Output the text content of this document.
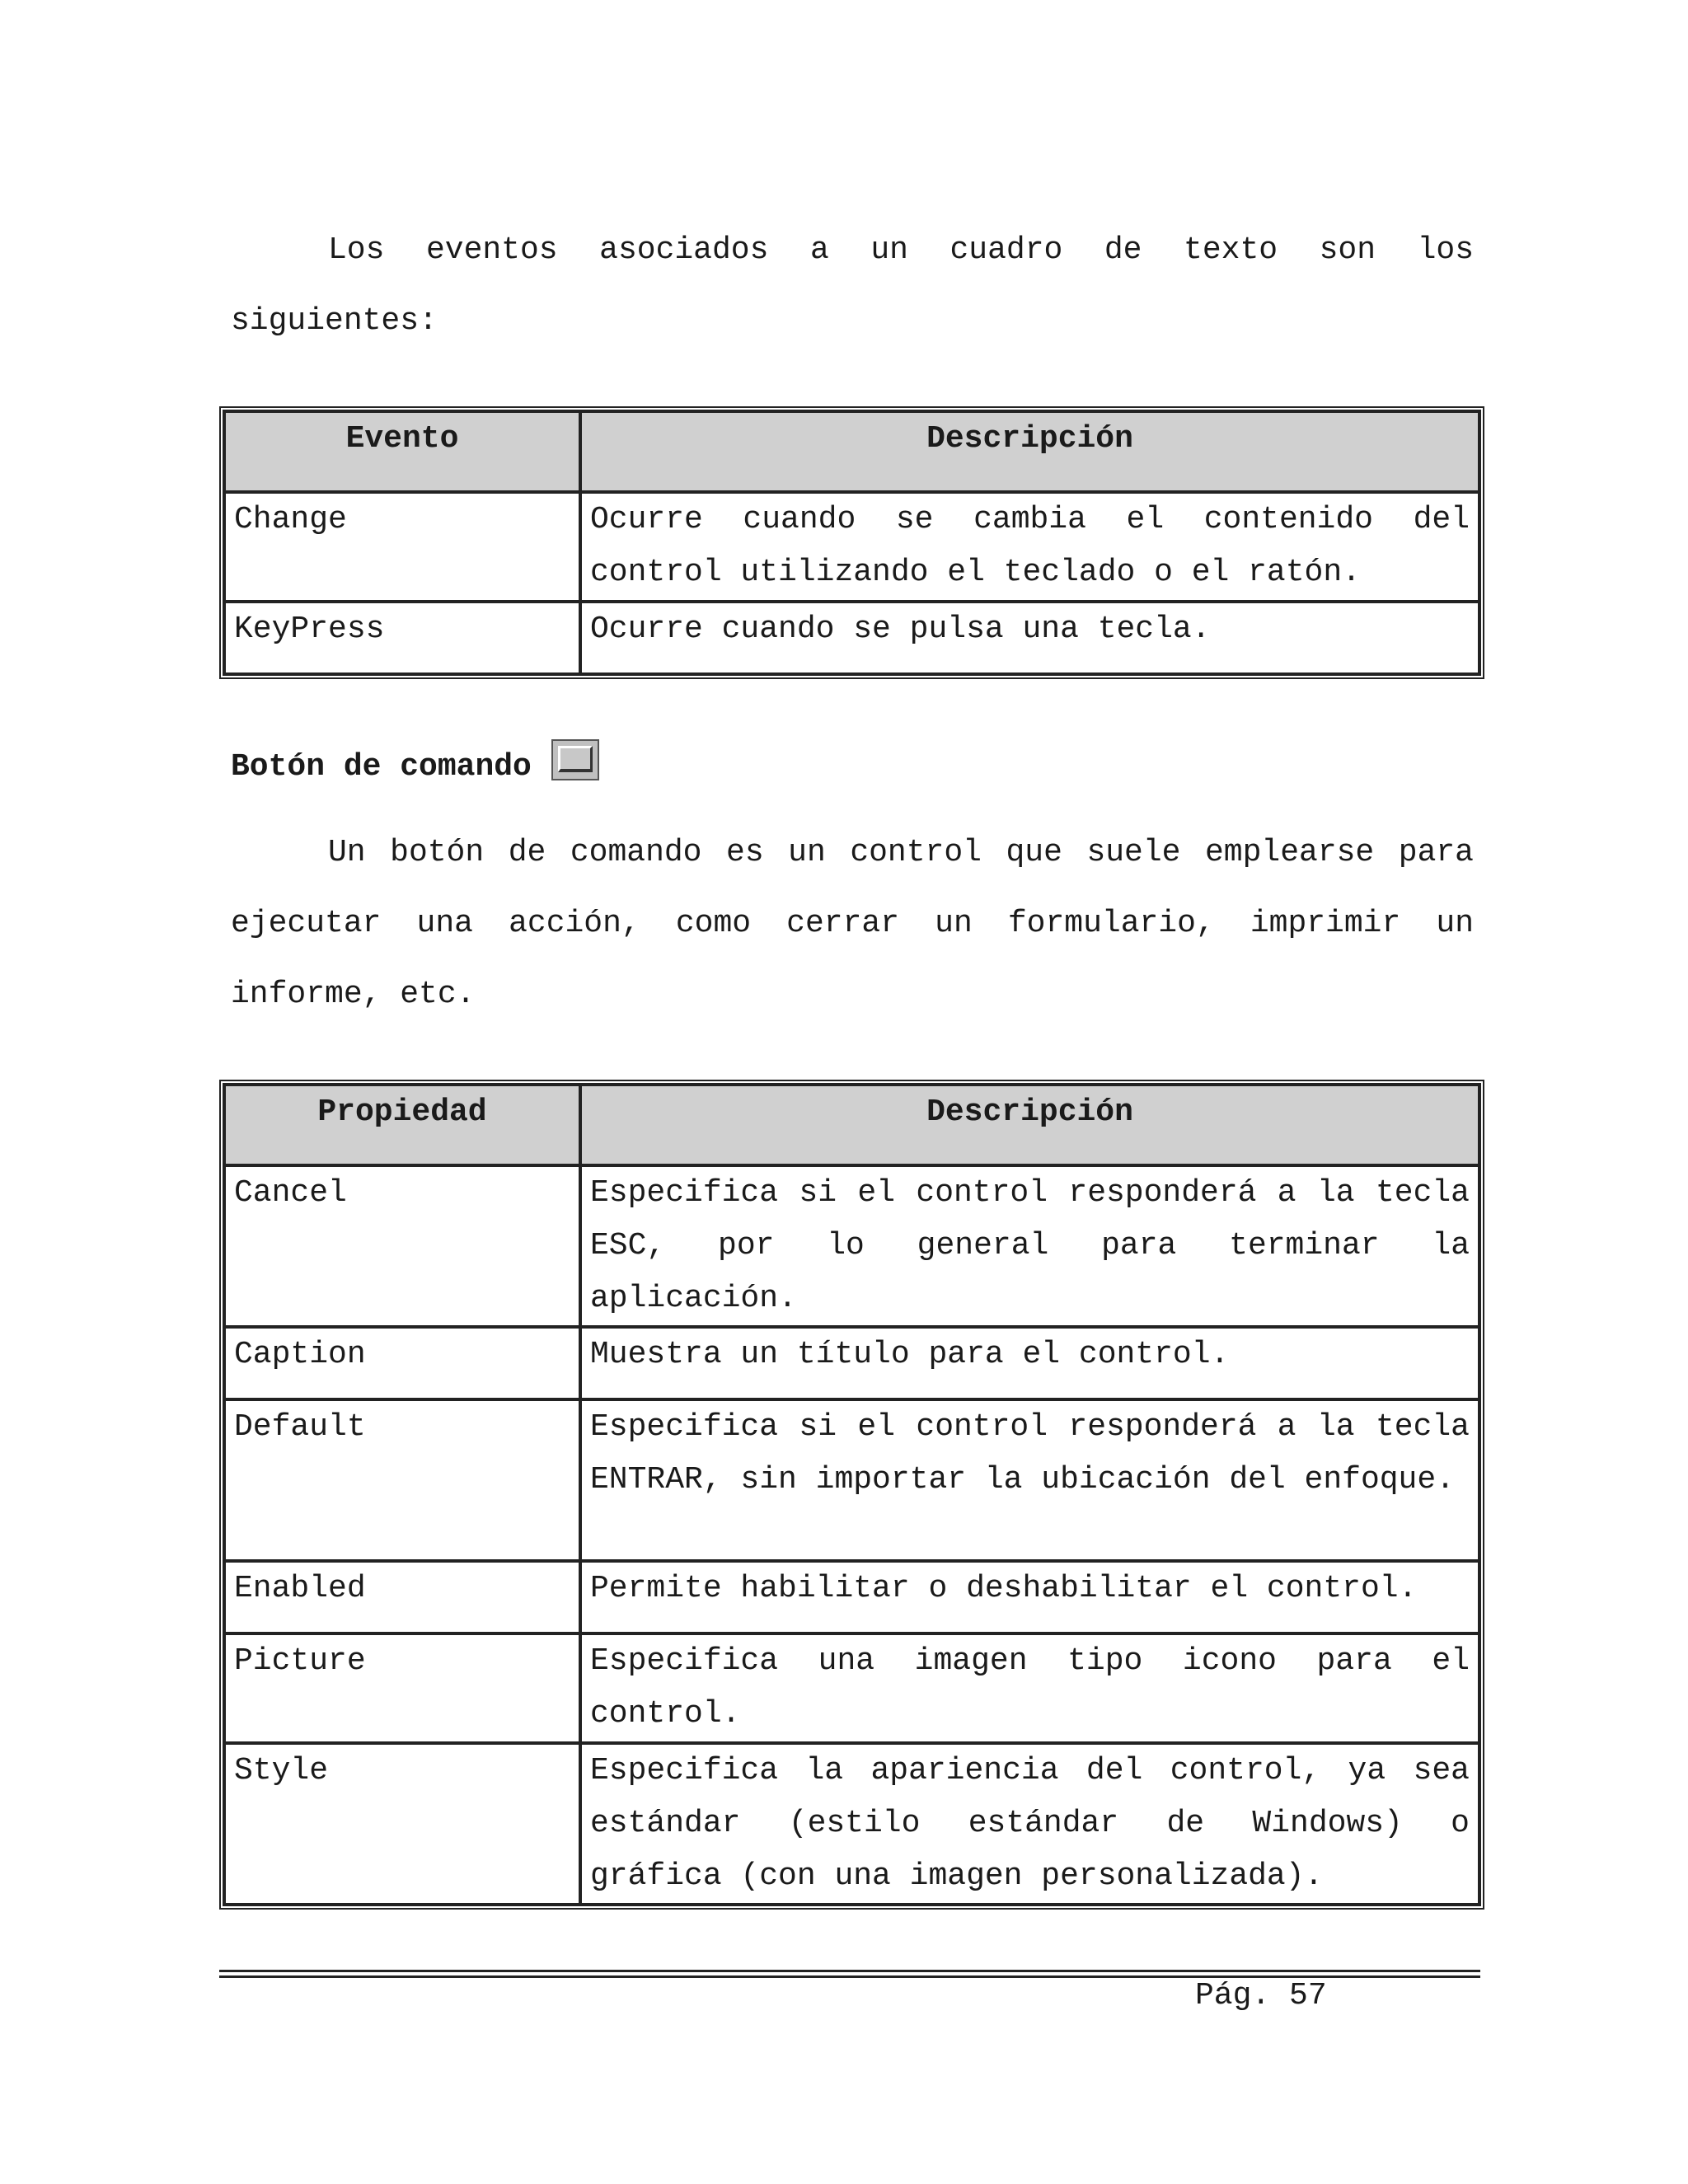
Los eventos asociados a un cuadro de texto son los siguientes:

Evento	Descripción
Change	Ocurre cuando se cambia el contenido del control utilizando el teclado o el ratón.
KeyPress	Ocurre cuando se pulsa una tecla.
Botón de comando

Un botón de comando es un control que suele emplearse para ejecutar una acción, como cerrar un formulario, imprimir un informe, etc.

Propiedad	Descripción
Cancel	Especifica si el control responderá a la tecla ESC, por lo general para terminar la aplicación.
Caption	Muestra un título para el control.
Default	Especifica si el control responderá a la tecla ENTRAR, sin importar la ubicación del enfoque.
Enabled	Permite habilitar o deshabilitar el control.
Picture	Especifica una imagen tipo icono para el control.
Style	Especifica la apariencia del control, ya sea estándar (estilo estándar de Windows) o gráfica (con una imagen personalizada).

Pág. 57
